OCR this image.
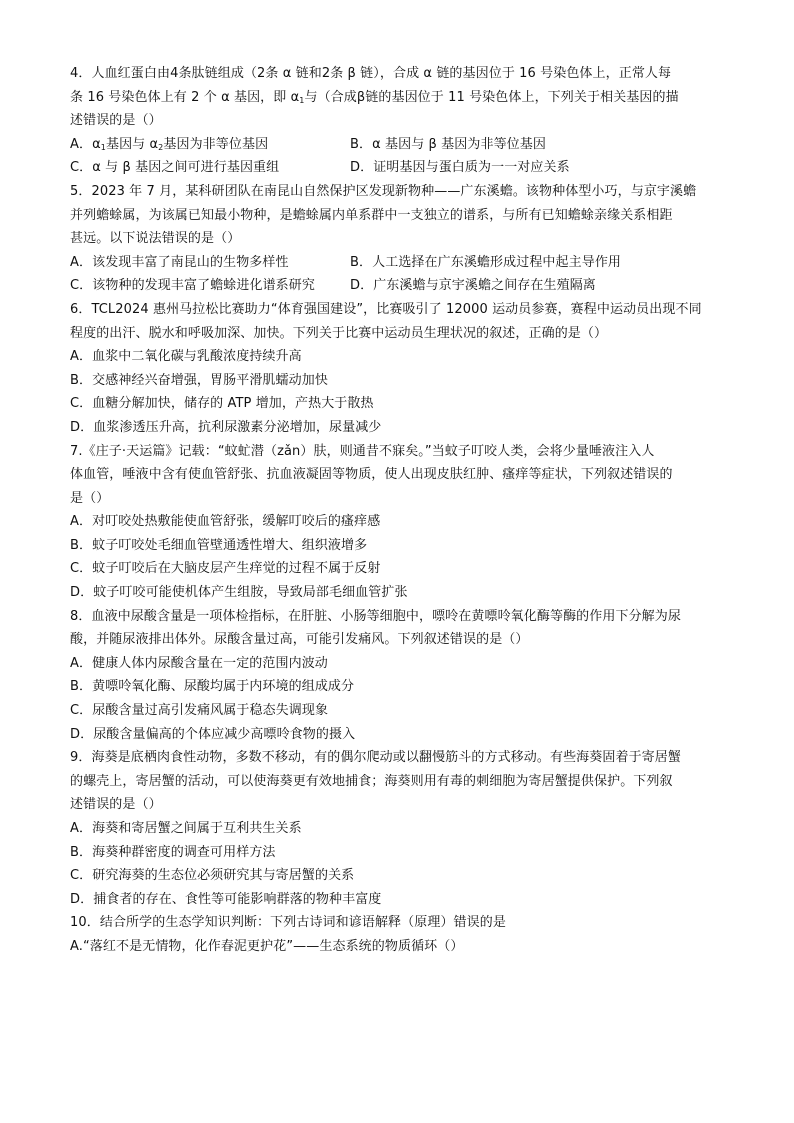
4．人血红蛋白由4条肽链组成（2条 α 链和2条 β 链），合成 α 链的基因位于 16 号染色体上，正常人每
条 16 号染色体上有 2 个 α 基因，即 $\alpha_1$与（合成β链的基因位于 11 号染色体上，下列关于相关基因的描
述错误的是（）
A．$\alpha_1$基因与 $\alpha_2$基因为非等位基因	B．α 基因与 β 基因为非等位基因
C．α 与 β 基因之间可进行基因重组	D．证明基因与蛋白质为一一对应关系
5．2023 年 7 月，某科研团队在南昆山自然保护区发现新物种——广东溪蟾。该物种体型小巧，与京宇溪蟾
并列蟾蜍属，为该属已知最小物种，是蟾蜍属内单系群中一支独立的谱系，与所有已知蟾蜍亲缘关系相距
甚远。以下说法错误的是（）
A．该发现丰富了南昆山的生物多样性	B．人工选择在广东溪蟾形成过程中起主导作用
C．该物种的发现丰富了蟾蜍进化谱系研究	D．广东溪蟾与京宇溪蟾之间存在生殖隔离
6．TCL2024 惠州马拉松比赛助力“体育强国建设”，比赛吸引了 12000 运动员参赛，赛程中运动员出现不同
程度的出汗、脱水和呼吸加深、加快。下列关于比赛中运动员生理状况的叙述，正确的是（）
A．血浆中二氧化碳与乳酸浓度持续升高
B．交感神经兴奋增强，胃肠平滑肌蠕动加快
C．血糖分解加快，储存的 ATP 增加，产热大于散热
D．血浆渗透压升高，抗利尿激素分泌增加，尿量减少
7.《庄子·天运篇》记载：“蚊虻潜（zǎn）肤，则通昔不寐矣。”当蚊子叮咬人类，会将少量唾液注入人
体血管，唾液中含有使血管舒张、抗血液凝固等物质，使人出现皮肤红肿、瘙痒等症状，下列叙述错误的
是（）
A．对叮咬处热敷能使血管舒张，缓解叮咬后的瘙痒感
B．蚊子叮咬处毛细血管壁通透性增大、组织液增多
C．蚊子叮咬后在大脑皮层产生痒觉的过程不属于反射
D．蚊子叮咬可能使机体产生组胺，导致局部毛细血管扩张
8．血液中尿酸含量是一项体检指标，在肝脏、小肠等细胞中，嘌呤在黄嘌呤氧化酶等酶的作用下分解为尿
酸，并随尿液排出体外。尿酸含量过高，可能引发痛风。下列叙述错误的是（）
A．健康人体内尿酸含量在一定的范围内波动
B．黄嘌呤氧化酶、尿酸均属于内环境的组成成分
C．尿酸含量过高引发痛风属于稳态失调现象
D．尿酸含量偏高的个体应减少高嘌呤食物的摄入
9．海葵是底栖肉食性动物，多数不移动，有的偶尔爬动或以翻慢筋斗的方式移动。有些海葵固着于寄居蟹
的螺壳上，寄居蟹的活动，可以使海葵更有效地捕食；海葵则用有毒的刺细胞为寄居蟹提供保护。下列叙
述错误的是（）
A．海葵和寄居蟹之间属于互利共生关系
B．海葵种群密度的调查可用样方法
C．研究海葵的生态位必须研究其与寄居蟹的关系
D．捕食者的存在、食性等可能影响群落的物种丰富度
10．结合所学的生态学知识判断：下列古诗词和谚语解释（原理）错误的是
A.“落红不是无情物，化作春泥更护花”——生态系统的物质循环（）
